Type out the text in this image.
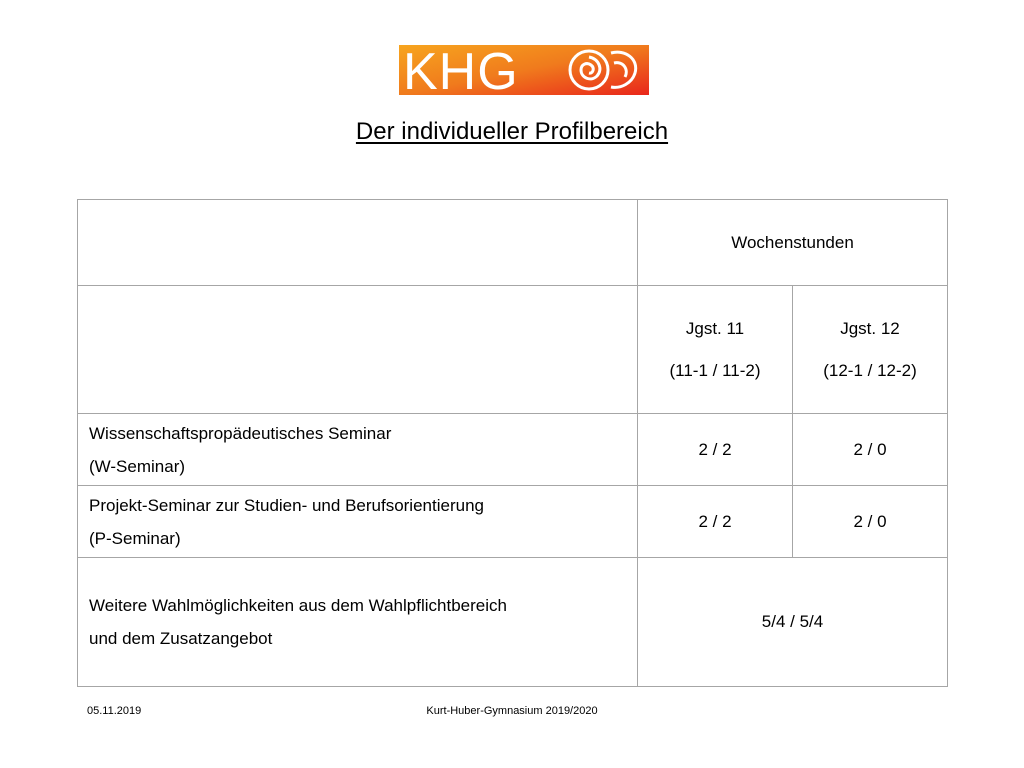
KHG
Der individueller Profilbereich
	Wochenstunden	

	Jgst. 11
(11-1 / 11-2)	Jgst. 12
(12-1 / 12-2)

Wissenschaftspropädeutisches Seminar
(W-Seminar)	2 / 2	2 / 0

Projekt-Seminar zur Studien- und Berufsorientierung
(P-Seminar)	2 / 2	2 / 0

Weitere Wahlmöglichkeiten aus dem Wahlpflichtbereich
und dem Zusatzangebot	5/4 / 5/4	
Kurt-Huber-Gymnasium 2019/2020
05.11.2019
